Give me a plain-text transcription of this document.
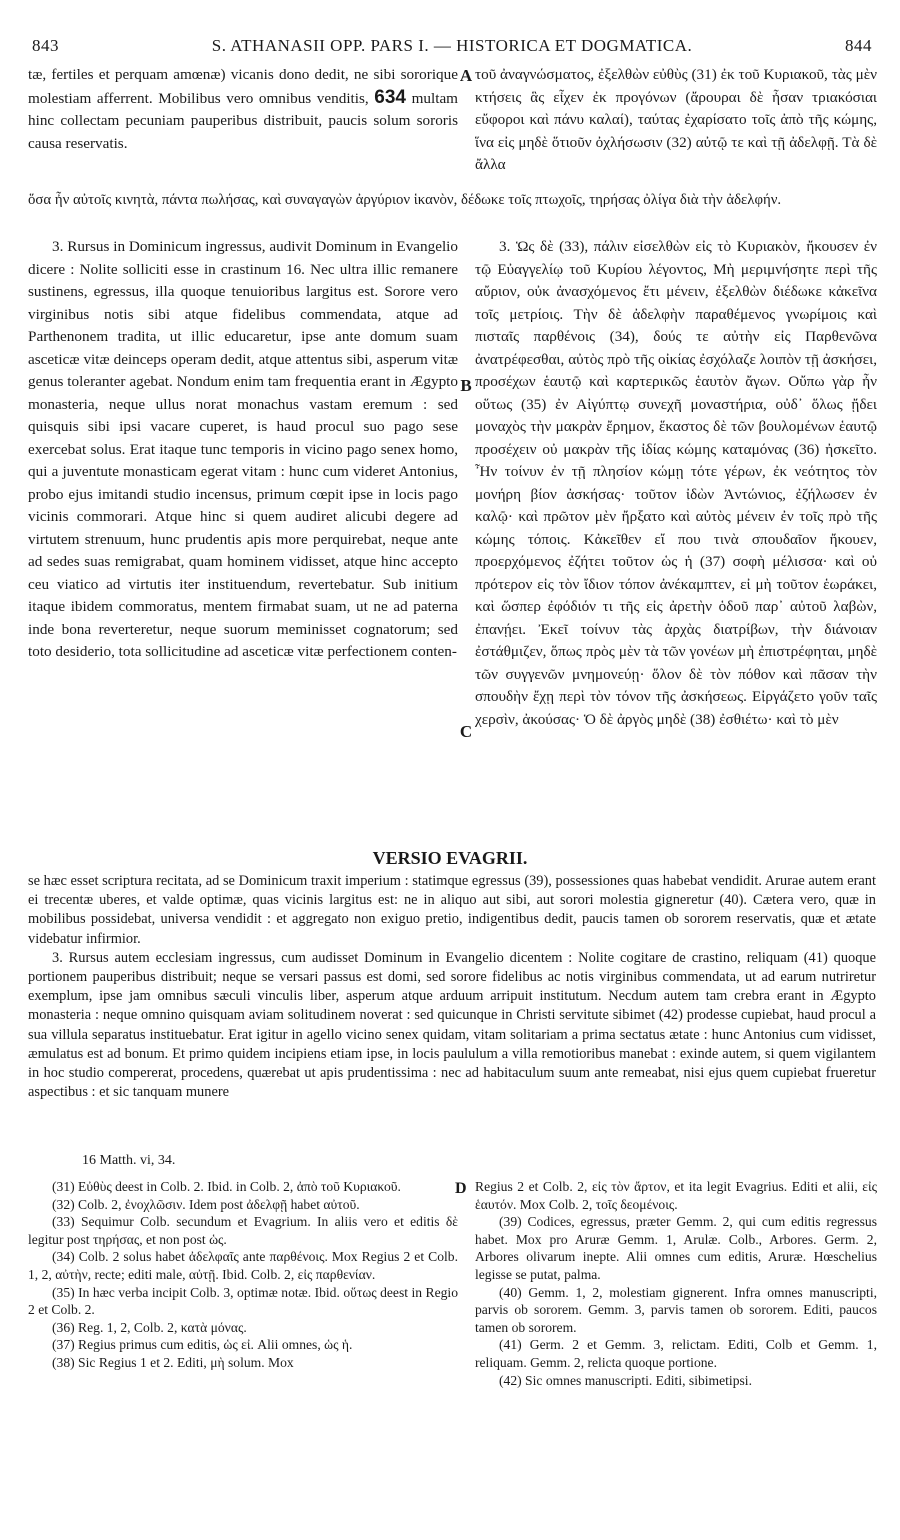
843	S. ATHANASII OPP. PARS I. — HISTORICA ET DOGMATICA.	844

tæ, fertiles et perquam amœnæ) vicanis dono dedit, ne sibi sororique molestiam afferrent. Mobilibus vero omnibus venditis, 634 multam hinc collectam pecuniam pauperibus distribuit, paucis solum sororis causa reservatis.

τοῦ ἀναγνώσματος, ἐξελθὼν εὐθὺς (31) ἐκ τοῦ Κυριακοῦ, τὰς μὲν κτήσεις ἃς εἶχεν ἐκ προγόνων (ἄρουραι δὲ ἦσαν τριακόσιαι εὔφοροι καὶ πάνυ καλαί), ταύτας ἐχαρίσατο τοῖς ἀπὸ τῆς κώμης, ἵνα εἰς μηδὲ ὅτιοῦν ὀχλήσωσιν (32) αὐτῷ τε καὶ τῇ ἀδελφῇ. Τὰ δὲ ἄλλα

A
ὅσα ἦν αὐτοῖς κινητὰ, πάντα πωλήσας, καὶ συναγαγὼν ἀργύριον ἱκανὸν, δέδωκε τοῖς πτωχοῖς, τηρήσας ὀλίγα διὰ τὴν ἀδελφήν.

3. Rursus in Dominicum ingressus, audivit Dominum in Evangelio dicere : Nolite solliciti esse in crastinum 16. Nec ultra illic remanere sustinens, egressus, illa quoque tenuioribus largitus est. Sorore vero virginibus notis sibi atque fidelibus commendata, atque ad Parthenonem tradita, ut illic educaretur, ipse ante domum suam asceticæ vitæ deinceps operam dedit, atque attentus sibi, asperum vitæ genus toleranter agebat. Nondum enim tam frequentia erant in Ægypto monasteria, neque ullus norat monachus vastam eremum : sed quisquis sibi ipsi vacare cuperet, is haud procul suo pago sese exercebat solus. Erat itaque tunc temporis in vicino pago senex homo, qui a juventute monasticam egerat vitam : hunc cum videret Antonius, probo ejus imitandi studio incensus, primum cœpit ipse in locis pago vicinis commorari. Atque hinc si quem audiret alicubi degere ad virtutem strenuum, hunc prudentis apis more perquirebat, neque ante ad sedes suas remigrabat, quam hominem vidisset, atque hinc accepto ceu viatico ad virtutis iter instituendum, revertebatur. Sub initium itaque ibidem commoratus, mentem firmabat suam, ut ne ad paterna inde bona reverteretur, neque suorum meminisset cognatorum; sed toto desiderio, tota sollicitudine ad asceticæ vitæ perfectionem conten-

3. Ὡς δὲ (33), πάλιν εἰσελθὼν εἰς τὸ Κυριακὸν, ἤκουσεν ἐν τῷ Εὐαγγελίῳ τοῦ Κυρίου λέγοντος, Μὴ μεριμνήσητε περὶ τῆς αὔριον, οὐκ ἀνασχόμενος ἔτι μένειν, ἐξελθὼν διέδωκε κἀκεῖνα τοῖς μετρίοις. Τὴν δὲ ἀδελφὴν παραθέμενος γνωρίμοις καὶ πισταῖς παρθένοις (34), δούς τε αὐτὴν εἰς Παρθενῶνα ἀνατρέφεσθαι, αὐτὸς πρὸ τῆς οἰκίας ἐσχόλαζε λοιπὸν τῇ ἀσκήσει, προσέχων ἑαυτῷ καὶ καρτερικῶς ἑαυτὸν ἄγων. Οὔπω γὰρ ἦν οὕτως (35) ἐν Αἰγύπτῳ συνεχῆ μοναστήρια, οὐδ᾽ ὅλως ᾔδει μοναχὸς τὴν μακρὰν ἔρημον, ἕκαστος δὲ τῶν βουλομένων ἑαυτῷ προσέχειν οὐ μακρὰν τῆς ἰδίας κώμης καταμόνας (36) ἠσκεῖτο. Ἦν τοίνυν ἐν τῇ πλησίον κώμῃ τότε γέρων, ἐκ νεότητος τὸν μονήρη βίον ἀσκήσας· τοῦτον ἰδὼν Ἀντώνιος, ἐζήλωσεν ἐν καλῷ· καὶ πρῶτον μὲν ἤρξατο καὶ αὐτὸς μένειν ἐν τοῖς πρὸ τῆς κώμης τόποις. Κἀκεῖθεν εἴ που τινὰ σπουδαῖον ἤκουεν, προερχόμενος ἐζήτει τοῦτον ὡς ἡ (37) σοφὴ μέλισσα· καὶ οὐ πρότερον εἰς τὸν ἴδιον τόπον ἀνέκαμπτεν, εἰ μὴ τοῦτον ἑωράκει, καὶ ὥσπερ ἐφόδιόν τι τῆς εἰς ἀρετὴν ὁδοῦ παρ᾽ αὐτοῦ λαβὼν, ἐπανῄει. Ἐκεῖ τοίνυν τὰς ἀρχὰς διατρίβων, τὴν διάνοιαν ἐστάθμιζεν, ὅπως πρὸς μὲν τὰ τῶν γονέων μὴ ἐπιστρέφηται, μηδὲ τῶν συγγενῶν μνημονεύῃ· ὅλον δὲ τὸν πόθον καὶ πᾶσαν τὴν σπουδὴν ἔχῃ περὶ τὸν τόνον τῆς ἀσκήσεως. Εἰργάζετο γοῦν ταῖς χερσὶν, ἀκούσας· Ὁ δὲ ἀργὸς μηδὲ (38) ἐσθιέτω· καὶ τὸ μὲν

B
C
VERSIO EVAGRII.

se hæc esset scriptura recitata, ad se Dominicum traxit imperium : statimque egressus (39), possessiones quas habebat vendidit. Arurae autem erant ei trecentæ uberes, et valde optimæ, quas vicinis largitus est: ne in aliquo aut sibi, aut sorori molestia gigneretur (40). Cætera vero, quæ in mobilibus possidebat, universa vendidit : et aggregato non exiguo pretio, indigentibus dedit, paucis tamen ob sororem reservatis, quæ et ætate videbatur infirmior.

3. Rursus autem ecclesiam ingressus, cum audisset Dominum in Evangelio dicentem : Nolite cogitare de crastino, reliquam (41) quoque portionem pauperibus distribuit; neque se versari passus est domi, sed sorore fidelibus ac notis virginibus commendata, ut ad earum nutriretur exemplum, ipse jam omnibus sæculi vinculis liber, asperum atque arduum arripuit institutum. Necdum autem tam crebra erant in Ægypto monasteria : neque omnino quisquam aviam solitudinem noverat : sed quicunque in Christi servitute sibimet (42) prodesse cupiebat, haud procul a sua villula separatus instituebatur. Erat igitur in agello vicino senex quidam, vitam solitariam a prima sectatus ætate : hunc Antonius cum vidisset, æmulatus est ad bonum. Et primo quidem incipiens etiam ipse, in locis paululum a villa remotioribus manebat : exinde autem, si quem vigilantem in hoc studio compererat, procedens, quærebat ut apis prudentissima : nec ad habitaculum suum ante remeabat, nisi ejus quem cupiebat frueretur aspectibus : et sic tanquam munere

16 Matth. vi, 34.

(31) Εὐθὺς deest in Colb. 2. Ibid. in Colb. 2, ἀπὸ τοῦ Κυριακοῦ.

(32) Colb. 2, ἐνοχλῶσιν. Idem post ἀδελφῇ habet αὐτοῦ.

(33) Sequimur Colb. secundum et Evagrium. In aliis vero et editis δὲ legitur post τηρήσας, et non post ὡς.

(34) Colb. 2 solus habet ἀδελφαῖς ante παρθένοις. Mox Regius 2 et Colb. 1, 2, αὐτὴν, recte; editi male, αὐτῇ. Ibid. Colb. 2, εἰς παρθενίαν.

(35) In hæc verba incipit Colb. 3, optimæ notæ. Ibid. οὕτως deest in Regio 2 et Colb. 2.

(36) Reg. 1, 2, Colb. 2, κατὰ μόνας.

(37) Regius primus cum editis, ὡς εἰ. Alii omnes, ὡς ἡ.

(38) Sic Regius 1 et 2. Editi, μὴ solum. Mox

D Regius 2 et Colb. 2, εἰς τὸν ἄρτον, et ita legit Evagrius. Editi et alii, εἰς ἑαυτόν. Mox Colb. 2, τοῖς δεομένοις.

(39) Codices, egressus, præter Gemm. 2, qui cum editis regressus habet. Mox pro Aruræ Gemm. 1, Arulæ. Colb., Arbores. Germ. 2, Arbores olivarum inepte. Alii omnes cum editis, Aruræ. Hœschelius legisse se putat, palma.

(40) Gemm. 1, 2, molestiam gignerent. Infra omnes manuscripti, parvis ob sororem. Gemm. 3, parvis tamen ob sororem. Editi, paucos tamen ob sororem.

(41) Germ. 2 et Gemm. 3, relictam. Editi, Colb et Gemm. 1, reliquam. Gemm. 2, relicta quoque portione.

(42) Sic omnes manuscripti. Editi, sibimetipsi.
